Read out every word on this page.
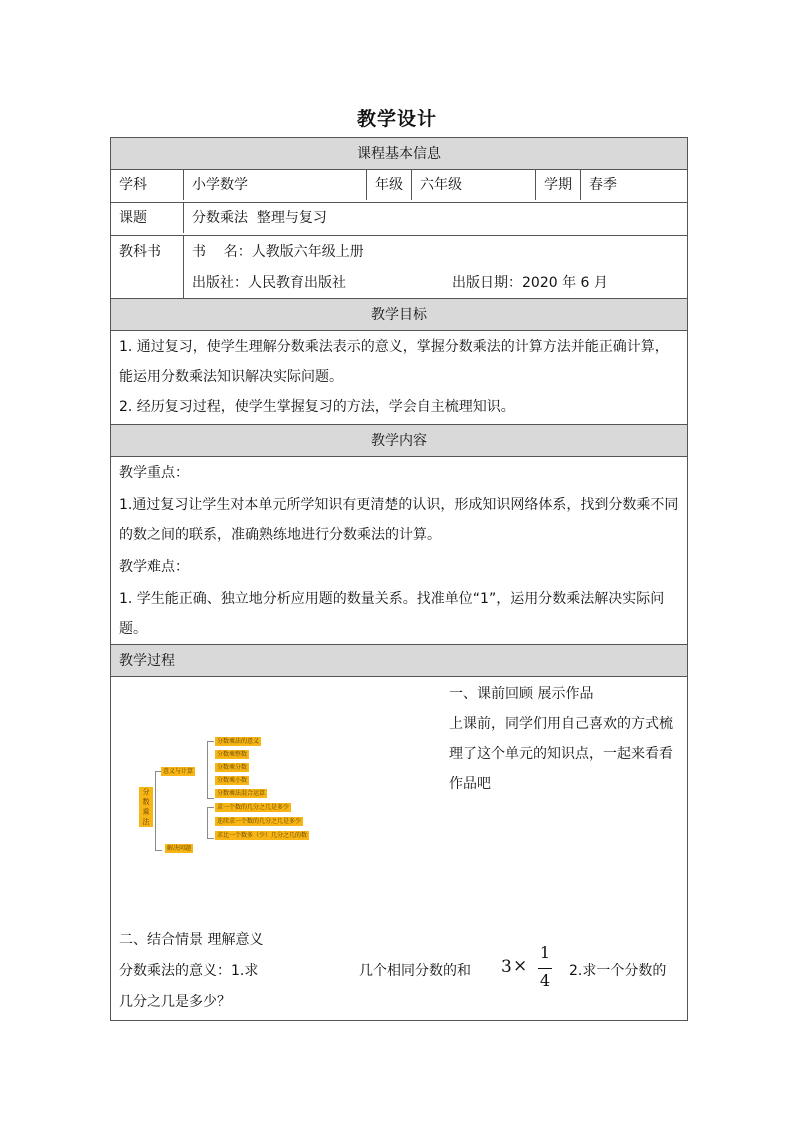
教学设计
课程基本信息
学科	小学数学	年级	六年级	学期	春季
课题	分数乘法  整理与复习
教科书	书    名：人教版六年级上册
出版社：人民教育出版社	出版日期：2020 年 6 月
教学目标
1. 通过复习，使学生理解分数乘法表示的意义，掌握分数乘法的计算方法并能正确计算，能运用分数乘法知识解决实际问题。
2. 经历复习过程，使学生掌握复习的方法，学会自主梳理知识。
教学内容
教学重点：
1.通过复习让学生对本单元所学知识有更清楚的认识，形成知识网络体系，找到分数乘不同的数之间的联系，准确熟练地进行分数乘法的计算。
教学难点：
1. 学生能正确、独立地分析应用题的数量关系。找准单位“1”，运用分数乘法解决实际问题。
教学过程
分数乘法
意义与计算
解决问题
分数乘法的意义
分数乘整数
分数乘分数
分数乘小数
分数乘法混合运算
求一个数的几分之几是多少
连续求一个数的几分之几是多少
求比一个数多（少）几分之几的数
一、课前回顾 展示作品
上课前，同学们用自己喜欢的方式梳理了这个单元的知识点，一起来看看作品吧
二、结合情景 理解意义
分数乘法的意义：1.求	几个相同分数的和 3 ×
1
4 2.求一个分数的
几分之几是多少？
